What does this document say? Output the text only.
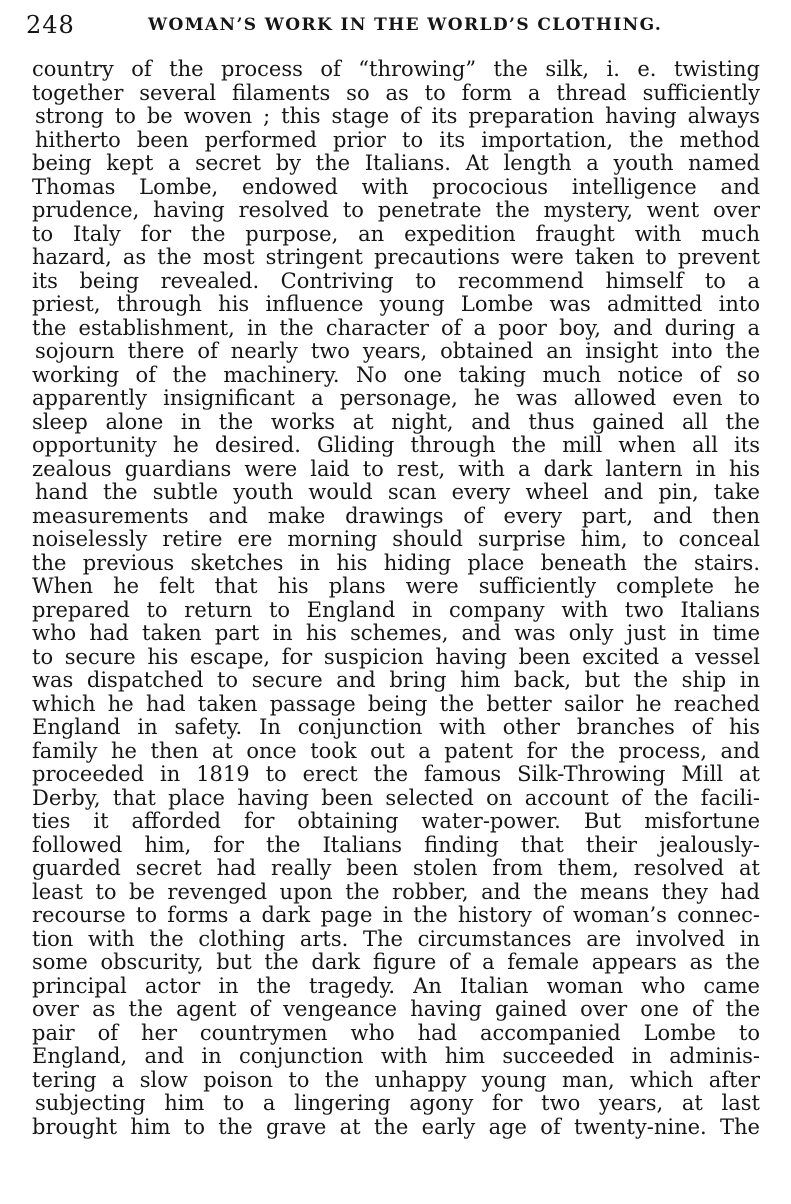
248	WOMAN’S WORK IN THE WORLD’S CLOTHING.
country of the process of “throwing” the silk, i. e. twisting
together several filaments so as to form a thread sufficiently
strong to be woven ; this stage of its preparation having always
hitherto been performed prior to its importation, the method
being kept a secret by the Italians. At length a youth named
Thomas Lombe, endowed with prococious intelligence and
prudence, having resolved to penetrate the mystery, went over
to Italy for the purpose, an expedition fraught with much
hazard, as the most stringent precautions were taken to prevent
its being revealed. Contriving to recommend himself to a
priest, through his influence young Lombe was admitted into
the establishment, in the character of a poor boy, and during a
sojourn there of nearly two years, obtained an insight into the
working of the machinery. No one taking much notice of so
apparently insignificant a personage, he was allowed even to
sleep alone in the works at night, and thus gained all the
opportunity he desired. Gliding through the mill when all its
zealous guardians were laid to rest, with a dark lantern in his
hand the subtle youth would scan every wheel and pin, take
measurements and make drawings of every part, and then
noiselessly retire ere morning should surprise him, to conceal
the previous sketches in his hiding place beneath the stairs.
When he felt that his plans were sufficiently complete he
prepared to return to England in company with two Italians
who had taken part in his schemes, and was only just in time
to secure his escape, for suspicion having been excited a vessel
was dispatched to secure and bring him back, but the ship in
which he had taken passage being the better sailor he reached
England in safety. In conjunction with other branches of his
family he then at once took out a patent for the process, and
proceeded in 1819 to erect the famous Silk-Throwing Mill at
Derby, that place having been selected on account of the facili-
ties it afforded for obtaining water-power. But misfortune
followed him, for the Italians finding that their jealously-
guarded secret had really been stolen from them, resolved at
least to be revenged upon the robber, and the means they had
recourse to forms a dark page in the history of woman’s connec-
tion with the clothing arts. The circumstances are involved in
some obscurity, but the dark figure of a female appears as the
principal actor in the tragedy. An Italian woman who came
over as the agent of vengeance having gained over one of the
pair of her countrymen who had accompanied Lombe to
England, and in conjunction with him succeeded in adminis-
tering a slow poison to the unhappy young man, which after
subjecting him to a lingering agony for two years, at last
brought him to the grave at the early age of twenty-nine. The
